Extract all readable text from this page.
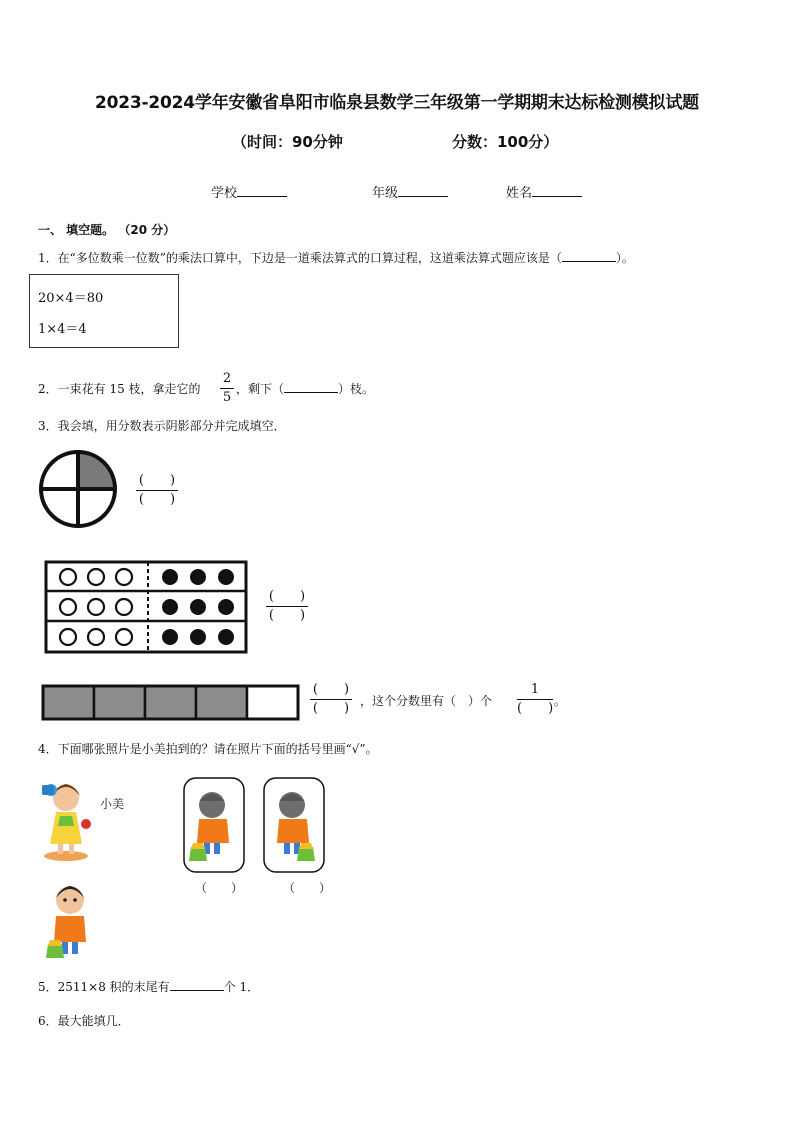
2023-2024学年安徽省阜阳市临泉县数学三年级第一学期期末达标检测模拟试题
（时间：90分钟	分数：100分）
学校	年级	姓名
一、 填空题。 （20 分）
1．在“多位数乘一位数”的乘法口算中，下边是一道乘法算式的口算过程，这道乘法算式题应该是（	）。
20×4＝80
1×4＝4
2．一束花有 15 枝，拿走它的
2
5
，剩下（	）枝。
3．我会填，用分数表示阴影部分并完成填空．
(　　)
(　　)
(　　)
(　　)
(　　)
(　　) ，这个分数里有（　）个
1
(　　) 。
4．下面哪张照片是小美拍到的？请在照片下面的括号里画“√”。
小美
（　　）	（　　）
5．2511×8 积的末尾有	个 1．
6．最大能填几．
